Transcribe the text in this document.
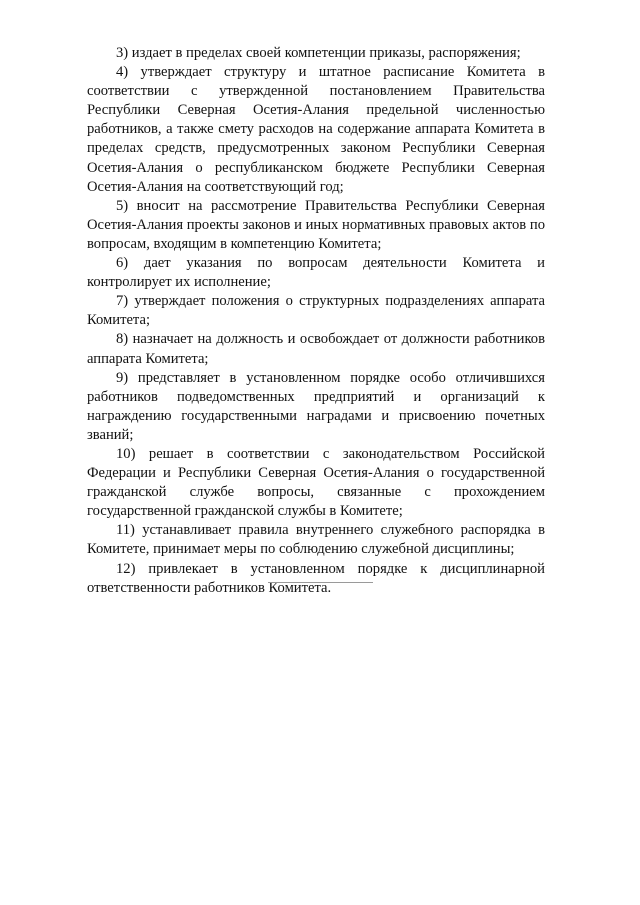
3) издает в пределах своей компетенции приказы, распоряжения;

4) утверждает структуру и штатное расписание Комитета в соответствии с утвержденной постановлением Правительства Республики Северная Осетия-Алания предельной численностью работников, а также смету расходов на содержание аппарата Комитета в пределах средств, предусмотренных законом Республики Северная Осетия-Алания о республиканском бюджете Республики Северная Осетия-Алания на соответствующий год;

5) вносит на рассмотрение Правительства Республики Северная Осетия-Алания проекты законов и иных нормативных правовых актов по вопросам, входящим в компетенцию Комитета;

6) дает указания по вопросам деятельности Комитета и контролирует их исполнение;

7) утверждает положения о структурных подразделениях аппарата Комитета;

8) назначает на должность и освобождает от должности работников аппарата Комитета;

9) представляет в установленном порядке особо отличившихся работников подведомственных предприятий и организаций к награждению государственными наградами и присвоению почетных званий;

10) решает в соответствии с законодательством Российской Федерации и Республики Северная Осетия-Алания о государственной гражданской службе вопросы, связанные с прохождением государственной гражданской службы в Комитете;

11) устанавливает правила внутреннего служебного распорядка в Комитете, принимает меры по соблюдению служебной дисциплины;

12) привлекает в установленном порядке к дисциплинарной ответственности работников Комитета.
